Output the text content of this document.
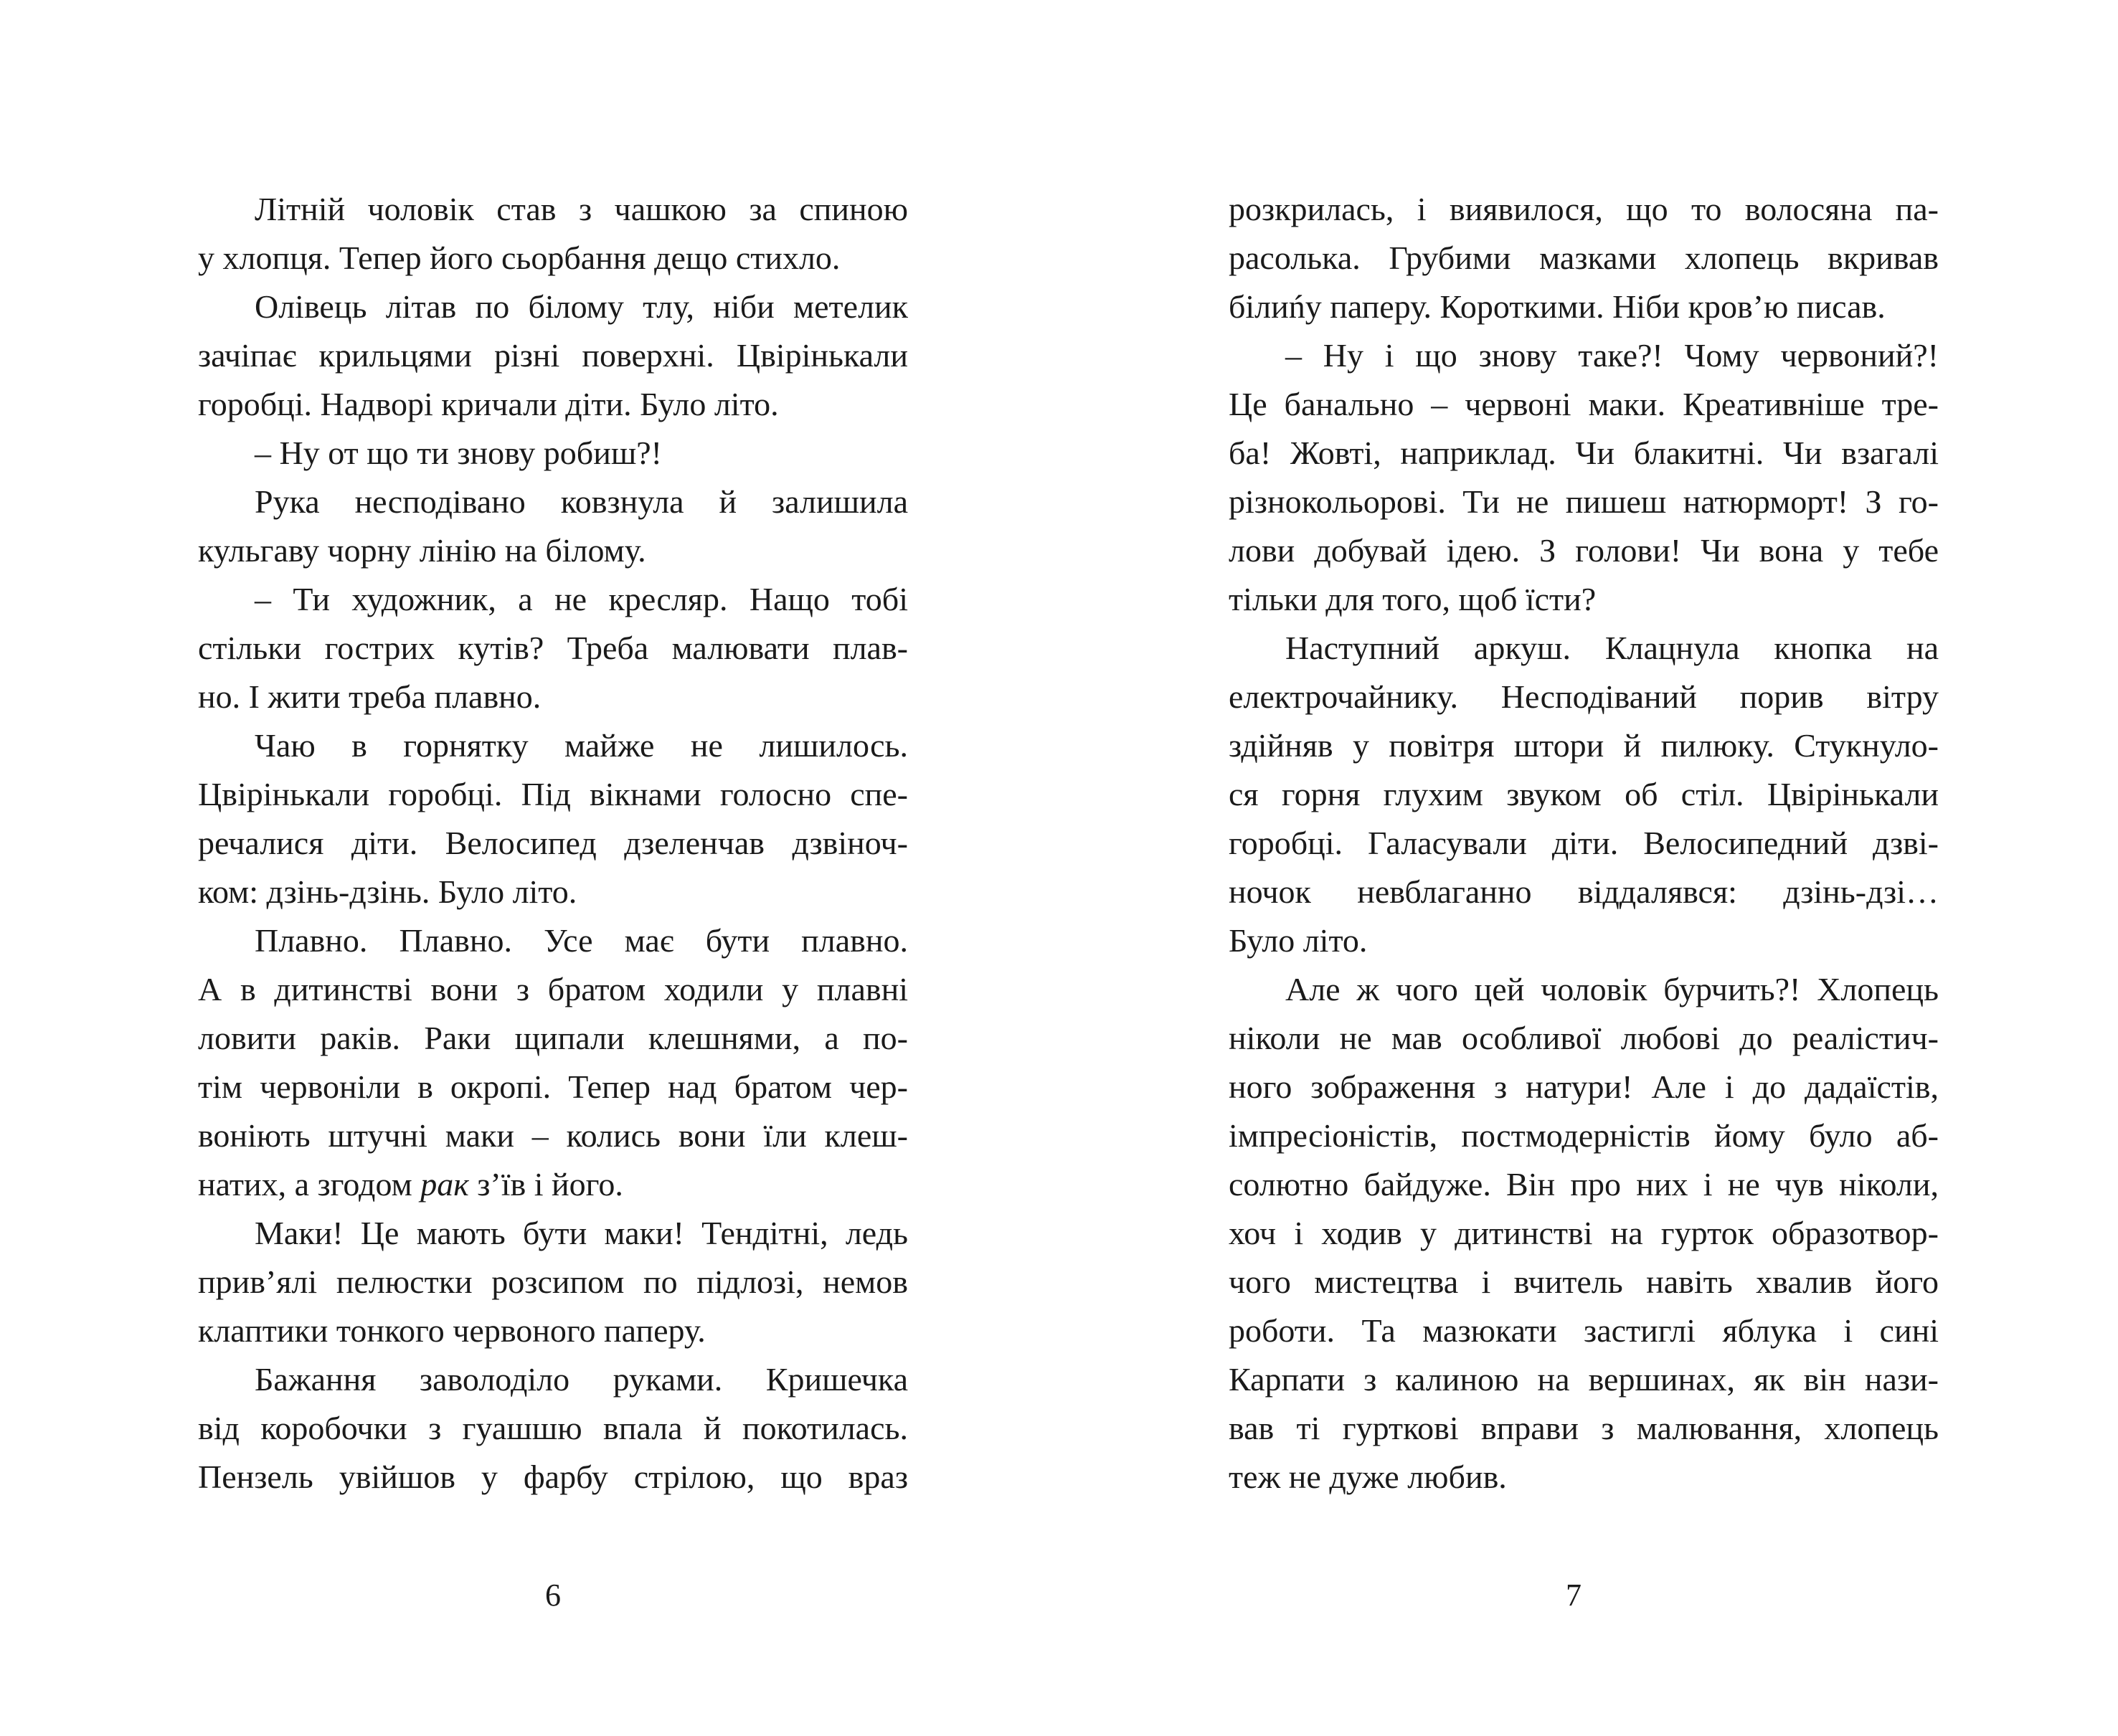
Літній чоловік став з чашкою за спиною
у хлопця. Тепер його сьорбання дещо стихло.
Олівець літав по білому тлу, ніби метелик
зачіпає крильцями різні поверхні. Цвірінькали
горобці. Надворі кричали діти. Було літо.
– Ну от що ти знову робиш?!
Рука несподівано ковзнула й залишила
кульгаву чорну лінію на білому.
– Ти художник, а не кресляр. Нащо тобі
стільки гострих кутів? Треба малювати плав-
но. І жити треба плавно.
Чаю в горнятку майже не лишилось.
Цвірінькали горобці. Під вікнами голосно спе-
речалися діти. Велосипед дзеленчав дзвіноч-
ком: дзінь-дзінь. Було літо.
Плавно. Плавно. Усе має бути плавно.
А в дитинстві вони з братом ходили у плавні
ловити раків. Раки щипали клешнями, а по-
тім червоніли в окропі. Тепер над братом чер-
воніють штучні маки – колись вони їли клеш-
натих, а згодом рак з’їв і його.
Маки! Це мають бути маки! Тендітні, ледь
прив’ялі пелюстки розсипом по підлозі, немов
клаптики тонкого червоного паперу.
Бажання заволоділо руками. Кришечка
від коробочки з гуашшю впала й покотилась.
Пензель увійшов у фарбу стрілою, що враз
6
розкрилась, і виявилося, що то волосяна па-
расолька. Грубими мазками хлопець вкривав
білиńу паперу. Короткими. Ніби кров’ю писав.
– Ну і що знову таке?! Чому червоний?!
Це банально – червоні маки. Креативніше тре-
ба! Жовті, наприклад. Чи блакитні. Чи взагалі
різнокольорові. Ти не пишеш натюрморт! З го-
лови добувай ідею. З голови! Чи вона у тебе
тільки для того, щоб їсти?
Наступний аркуш. Клацнула кнопка на
електрочайнику. Несподіваний порив вітру
здійняв у повітря штори й пилюку. Стукнуло-
ся горня глухим звуком об стіл. Цвірінькали
горобці. Галасували діти. Велосипедний дзві-
ночок невблаганно віддалявся: дзінь-дзі…
Було літо.
Але ж чого цей чоловік бурчить?! Хлопець
ніколи не мав особливої любові до реалістич-
ного зображення з натури! Але і до дадаїстів,
імпресіоністів, постмодерністів йому було аб-
солютно байдуже. Він про них і не чув ніколи,
хоч і ходив у дитинстві на гурток образотвор-
чого мистецтва і вчитель навіть хвалив його
роботи. Та мазюкати застиглі яблука і сині
Карпати з калиною на вершинах, як він нази-
вав ті гурткові вправи з малювання, хлопець
теж не дуже любив.
7
